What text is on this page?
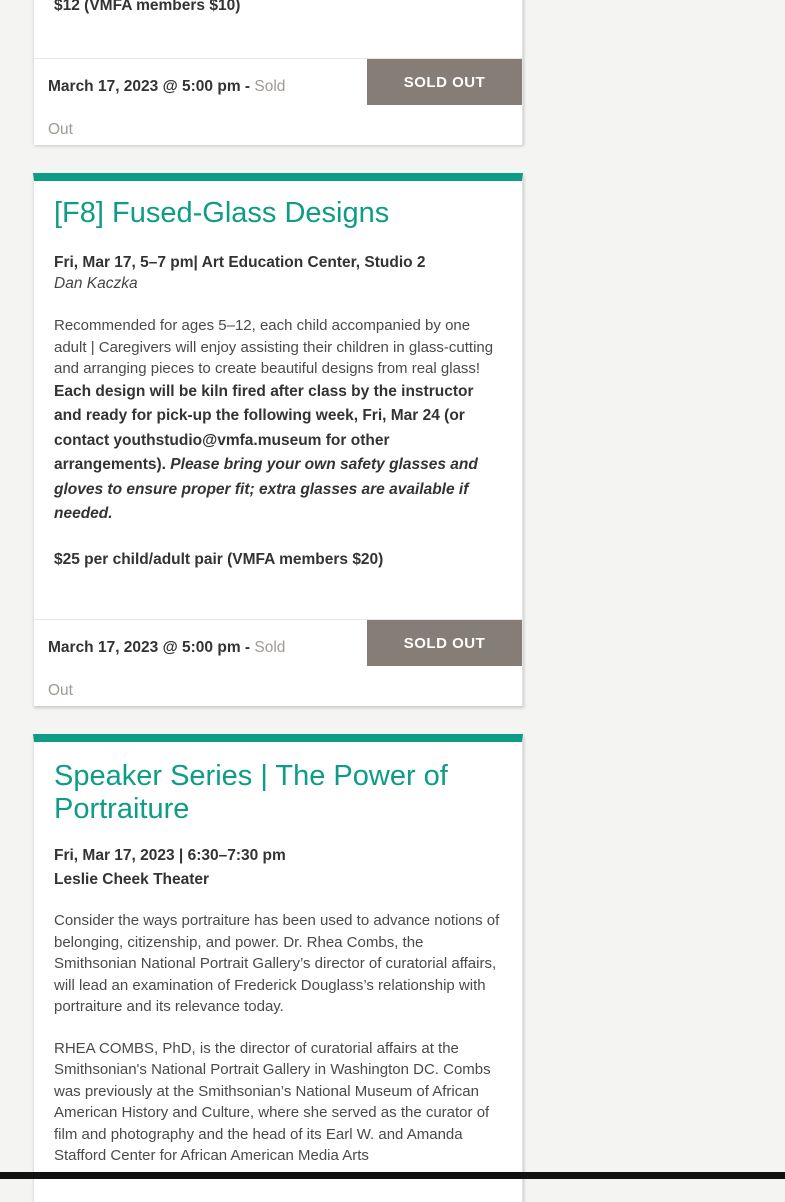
$12 (VMFA members $10)

March 17, 2023 @ 5:00 pm - Sold Out
SOLD OUT
[F8] Fused-Glass Designs

Fri, Mar 17, 5–7 pm| Art Education Center, Studio 2

Dan Kaczka

Recommended for ages 5–12, each child accompanied by one adult | Caregivers will enjoy assisting their children in glass-cutting and arranging pieces to create beautiful designs from real glass! Each design will be kiln fired after class by the instructor and ready for pick-up the following week, Fri, Mar 24 (or contact youthstudio@vmfa.museum for other arrangements). Please bring your own safety glasses and gloves to ensure proper fit; extra glasses are available if needed.

$25 per child/adult pair (VMFA members $20)

March 17, 2023 @ 5:00 pm - Sold Out
SOLD OUT
Speaker Series | The Power of Portraiture

Fri, Mar 17, 2023 | 6:30–7:30 pm

Leslie Cheek Theater

Consider the ways portraiture has been used to advance notions of belonging, citizenship, and power. Dr. Rhea Combs, the Smithsonian National Portrait Gallery’s director of curatorial affairs, will lead an examination of Frederick Douglass’s relationship with portraiture and its relevance today.

RHEA COMBS, PhD, is the director of curatorial affairs at the Smithsonian's National Portrait Gallery in Washington DC. Combs was previously at the Smithsonian’s National Museum of African American History and Culture, where she served as the curator of film and photography and the head of its Earl W. and Amanda Stafford Center for African American Media Arts
